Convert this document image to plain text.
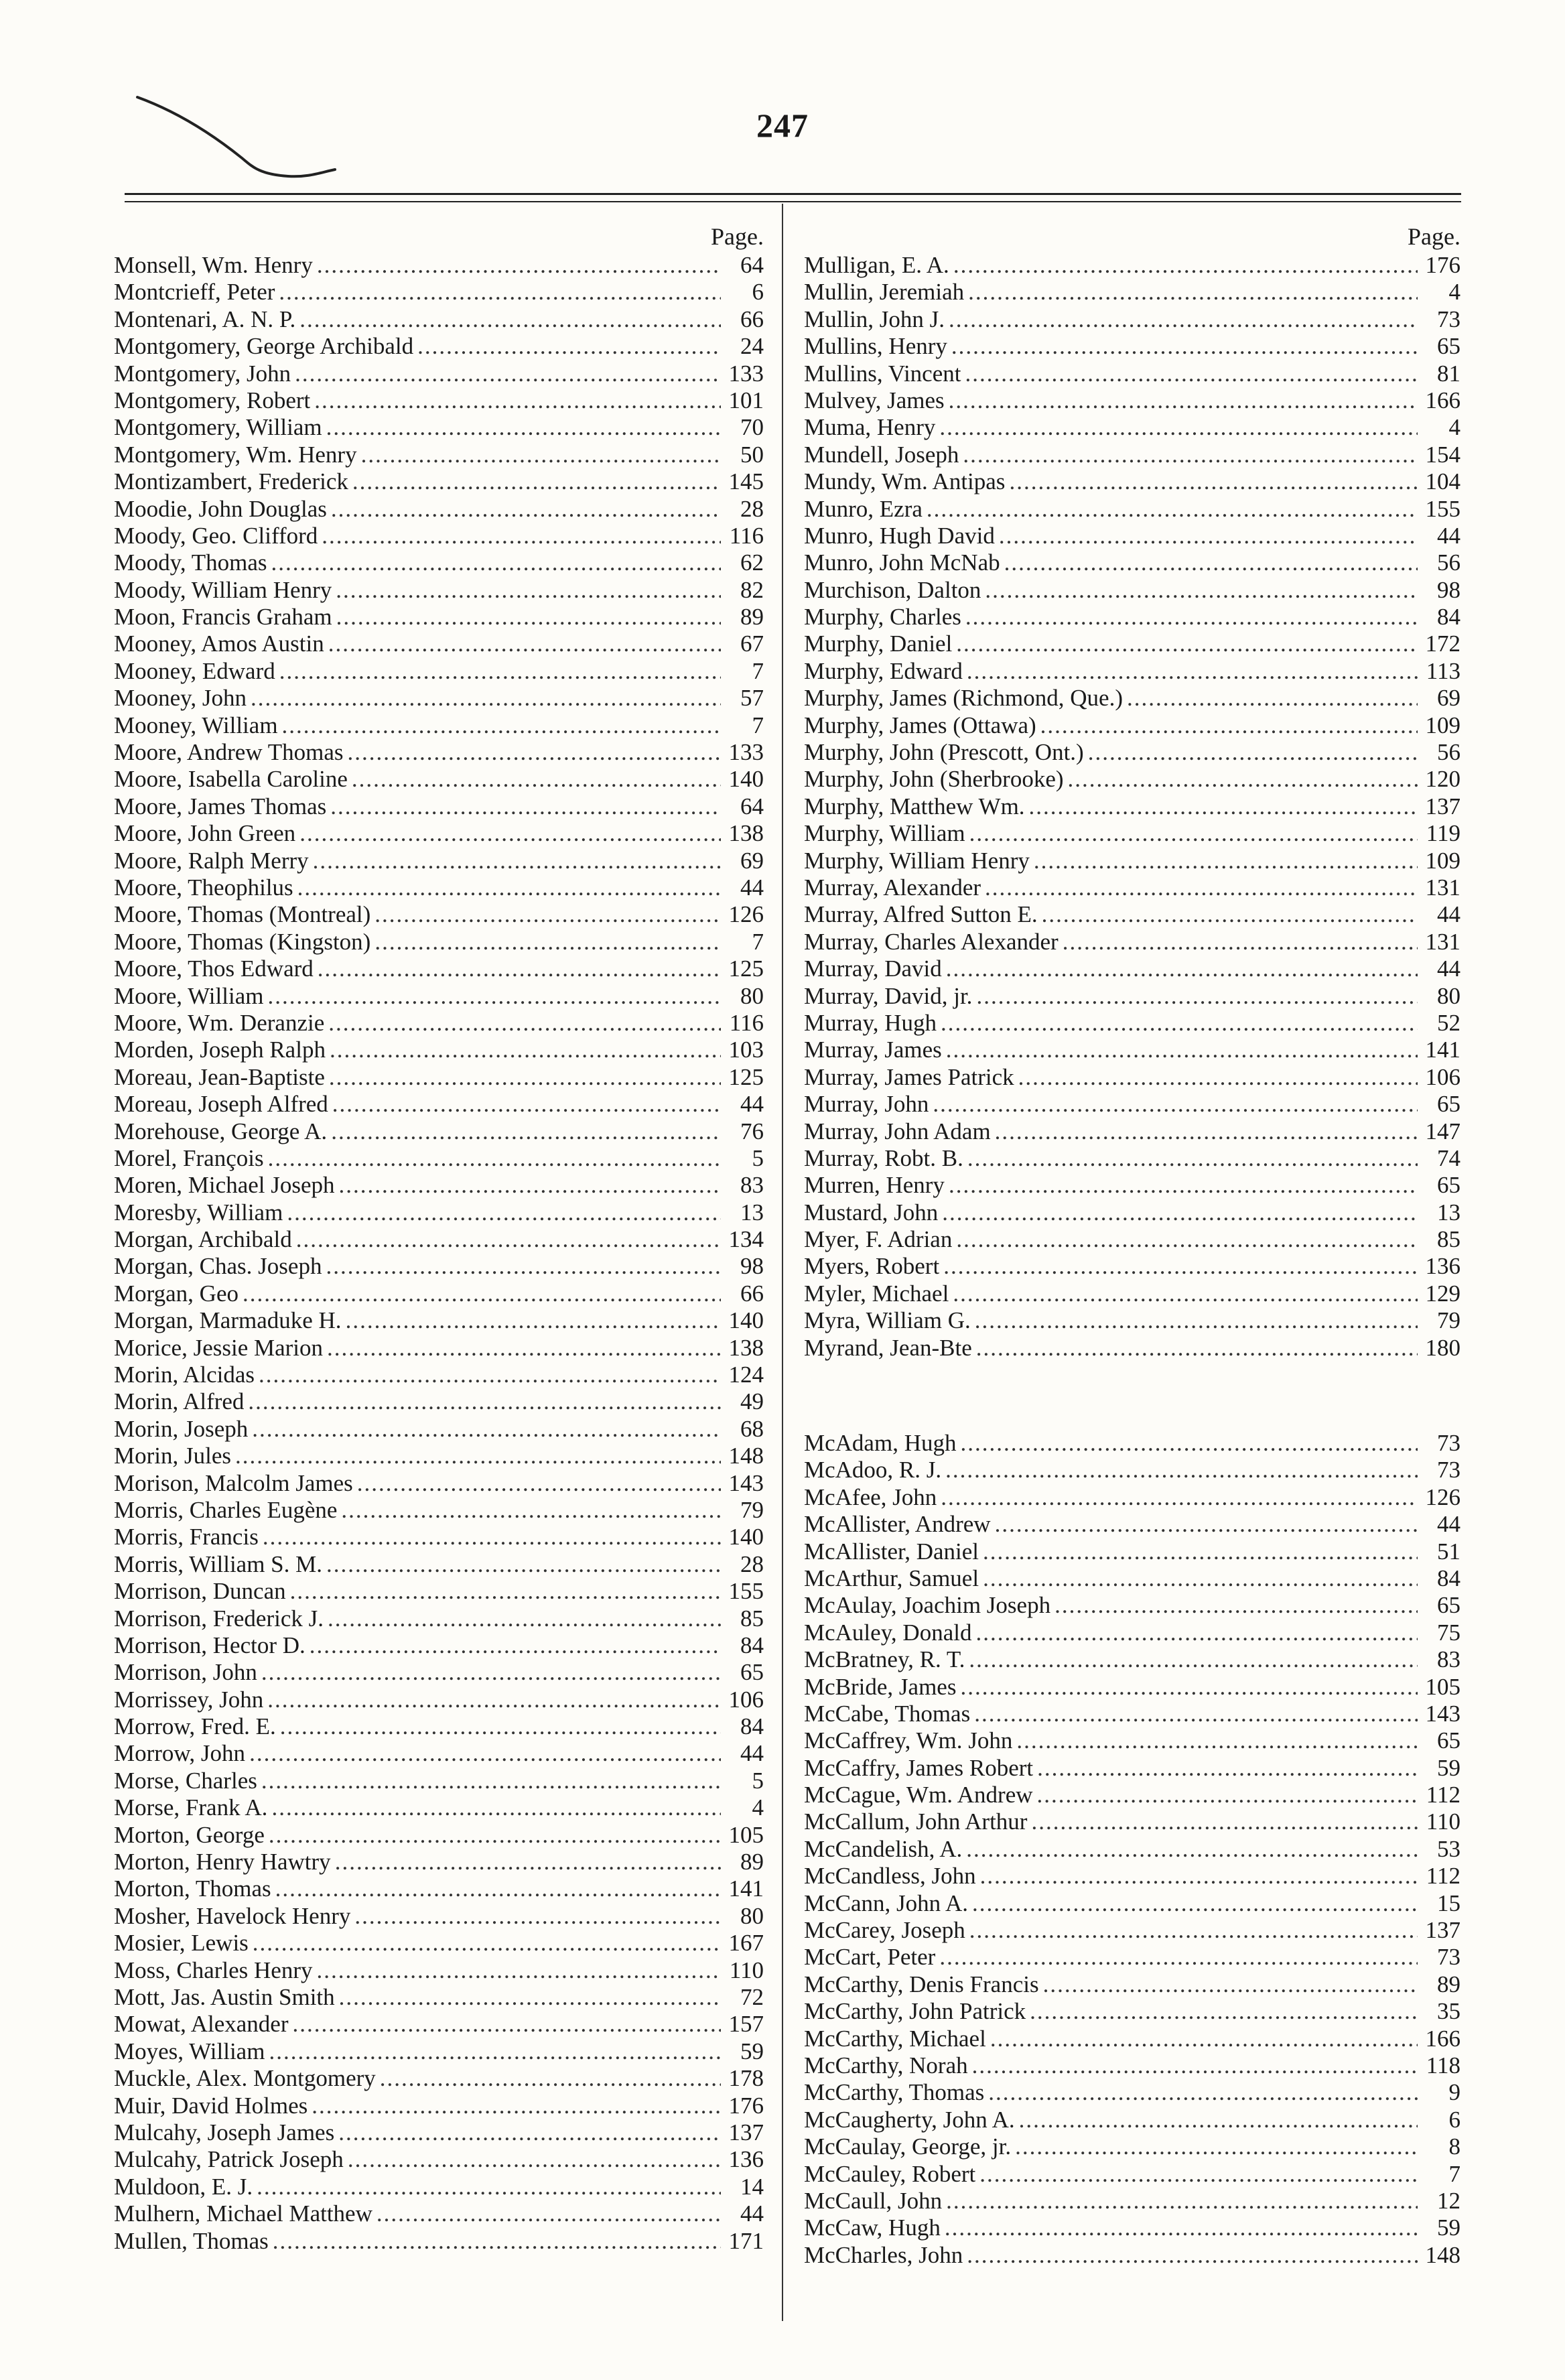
247
Page.
Monsell, Wm. Henry .....	64
Montcrieff, Peter .....	6
Montenari, A. N. P. .....	66
Montgomery, George Archibald .....	24
Montgomery, John .....	133
Montgomery, Robert .....	101
Montgomery, William .....	70
Montgomery, Wm. Henry .....	50
Montizambert, Frederick .....	145
Moodie, John Douglas .....	28
Moody, Geo. Clifford .....	116
Moody, Thomas .....	62
Moody, William Henry .....	82
Moon, Francis Graham .....	89
Mooney, Amos Austin .....	67
Mooney, Edward .....	7
Mooney, John .....	57
Mooney, William .....	7
Moore, Andrew Thomas .....	133
Moore, Isabella Caroline .....	140
Moore, James Thomas .....	64
Moore, John Green .....	138
Moore, Ralph Merry .....	69
Moore, Theophilus .....	44
Moore, Thomas (Montreal) .....	126
Moore, Thomas (Kingston) .....	7
Moore, Thos Edward .....	125
Moore, William .....	80
Moore, Wm. Deranzie .....	116
Morden, Joseph Ralph .....	103
Moreau, Jean-Baptiste .....	125
Moreau, Joseph Alfred .....	44
Morehouse, George A. .....	76
Morel, François .....	5
Moren, Michael Joseph .....	83
Moresby, William .....	13
Morgan, Archibald .....	134
Morgan, Chas. Joseph .....	98
Morgan, Geo .....	66
Morgan, Marmaduke H. .....	140
Morice, Jessie Marion .....	138
Morin, Alcidas .....	124
Morin, Alfred .....	49
Morin, Joseph .....	68
Morin, Jules .....	148
Morison, Malcolm James .....	143
Morris, Charles Eugène .....	79
Morris, Francis .....	140
Morris, William S. M. .....	28
Morrison, Duncan .....	155
Morrison, Frederick J. .....	85
Morrison, Hector D. .....	84
Morrison, John .....	65
Morrissey, John .....	106
Morrow, Fred. E. .....	84
Morrow, John .....	44
Morse, Charles .....	5
Morse, Frank A. .....	4
Morton, George .....	105
Morton, Henry Hawtry .....	89
Morton, Thomas .....	141
Mosher, Havelock Henry .....	80
Mosier, Lewis .....	167
Moss, Charles Henry .....	110
Mott, Jas. Austin Smith .....	72
Mowat, Alexander .....	157
Moyes, William .....	59
Muckle, Alex. Montgomery .....	178
Muir, David Holmes .....	176
Mulcahy, Joseph James .....	137
Mulcahy, Patrick Joseph .....	136
Muldoon, E. J. .....	14
Mulhern, Michael Matthew .....	44
Mullen, Thomas .....	171
Page.
Mulligan, E. A. .....	176
Mullin, Jeremiah .....	4
Mullin, John J. .....	73
Mullins, Henry .....	65
Mullins, Vincent .....	81
Mulvey, James .....	166
Muma, Henry .....	4
Mundell, Joseph .....	154
Mundy, Wm. Antipas .....	104
Munro, Ezra .....	155
Munro, Hugh David .....	44
Munro, John McNab .....	56
Murchison, Dalton .....	98
Murphy, Charles .....	84
Murphy, Daniel .....	172
Murphy, Edward .....	113
Murphy, James (Richmond, Que.) .....	69
Murphy, James (Ottawa) .....	109
Murphy, John (Prescott, Ont.) .....	56
Murphy, John (Sherbrooke) .....	120
Murphy, Matthew Wm. .....	137
Murphy, William .....	119
Murphy, William Henry .....	109
Murray, Alexander .....	131
Murray, Alfred Sutton E. .....	44
Murray, Charles Alexander .....	131
Murray, David .....	44
Murray, David, jr. .....	80
Murray, Hugh .....	52
Murray, James .....	141
Murray, James Patrick .....	106
Murray, John .....	65
Murray, John Adam .....	147
Murray, Robt. B. .....	74
Murren, Henry .....	65
Mustard, John .....	13
Myer, F. Adrian .....	85
Myers, Robert .....	136
Myler, Michael .....	129
Myra, William G. .....	79
Myrand, Jean-Bte .....	180
McAdam, Hugh .....	73
McAdoo, R. J. .....	73
McAfee, John .....	126
McAllister, Andrew .....	44
McAllister, Daniel .....	51
McArthur, Samuel .....	84
McAulay, Joachim Joseph .....	65
McAuley, Donald .....	75
McBratney, R. T. .....	83
McBride, James .....	105
McCabe, Thomas .....	143
McCaffrey, Wm. John .....	65
McCaffry, James Robert .....	59
McCague, Wm. Andrew .....	112
McCallum, John Arthur .....	110
McCandelish, A. .....	53
McCandless, John .....	112
McCann, John A. .....	15
McCarey, Joseph .....	137
McCart, Peter .....	73
McCarthy, Denis Francis .....	89
McCarthy, John Patrick .....	35
McCarthy, Michael .....	166
McCarthy, Norah .....	118
McCarthy, Thomas .....	9
McCaugherty, John A. .....	6
McCaulay, George, jr. .....	8
McCauley, Robert .....	7
McCaull, John .....	12
McCaw, Hugh .....	59
McCharles, John .....	148
